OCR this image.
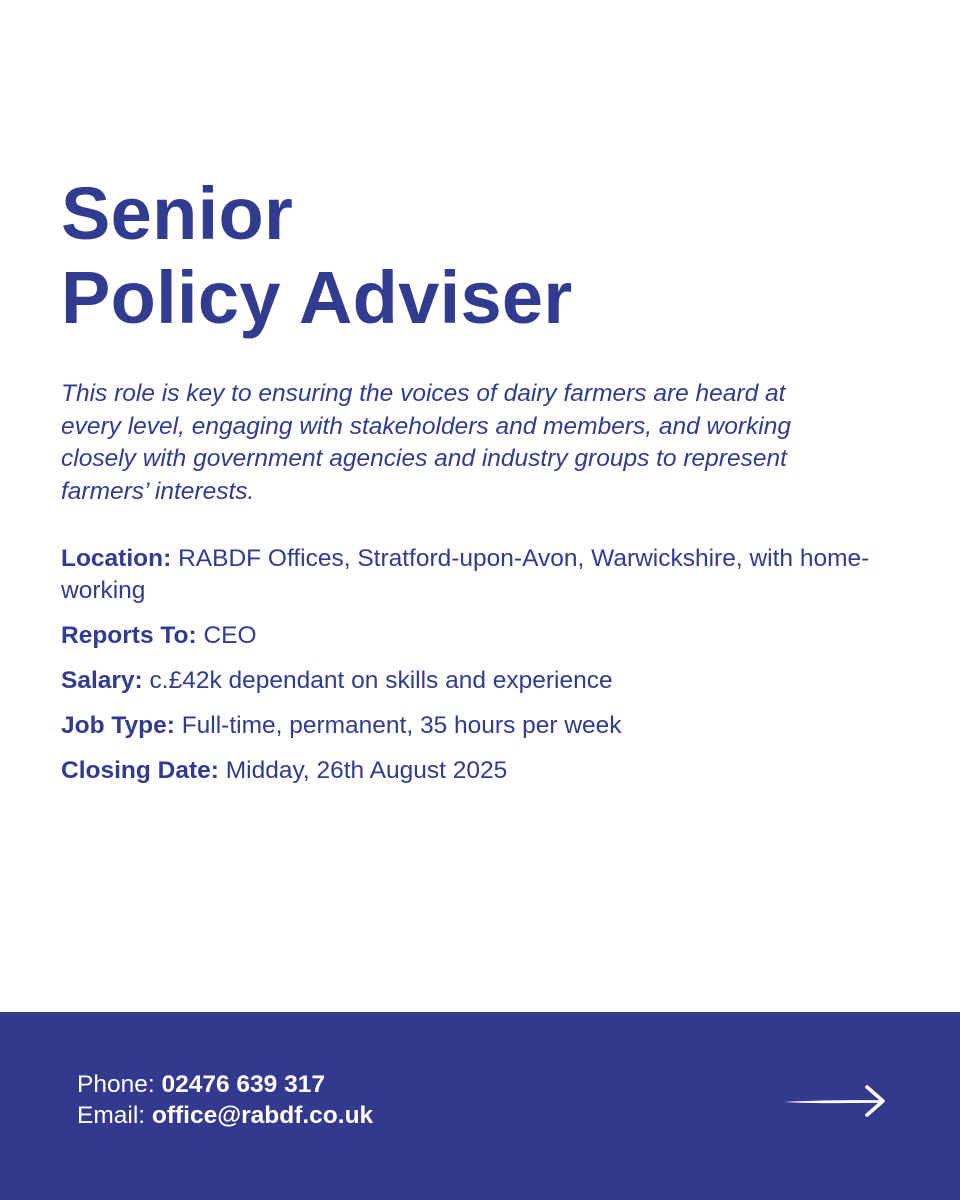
Senior
Policy Adviser

This role is key to ensuring the voices of dairy farmers are heard at every level, engaging with stakeholders and members, and working closely with government agencies and industry groups to represent farmers’ interests.

Location: RABDF Offices, Stratford-upon-Avon, Warwickshire, with home-working
Reports To: CEO
Salary: c.£42k dependant on skills and experience
Job Type: Full-time, permanent, 35 hours per week
Closing Date: Midday, 26th August 2025
Phone: 02476 639 317
Email: office@rabdf.co.uk
